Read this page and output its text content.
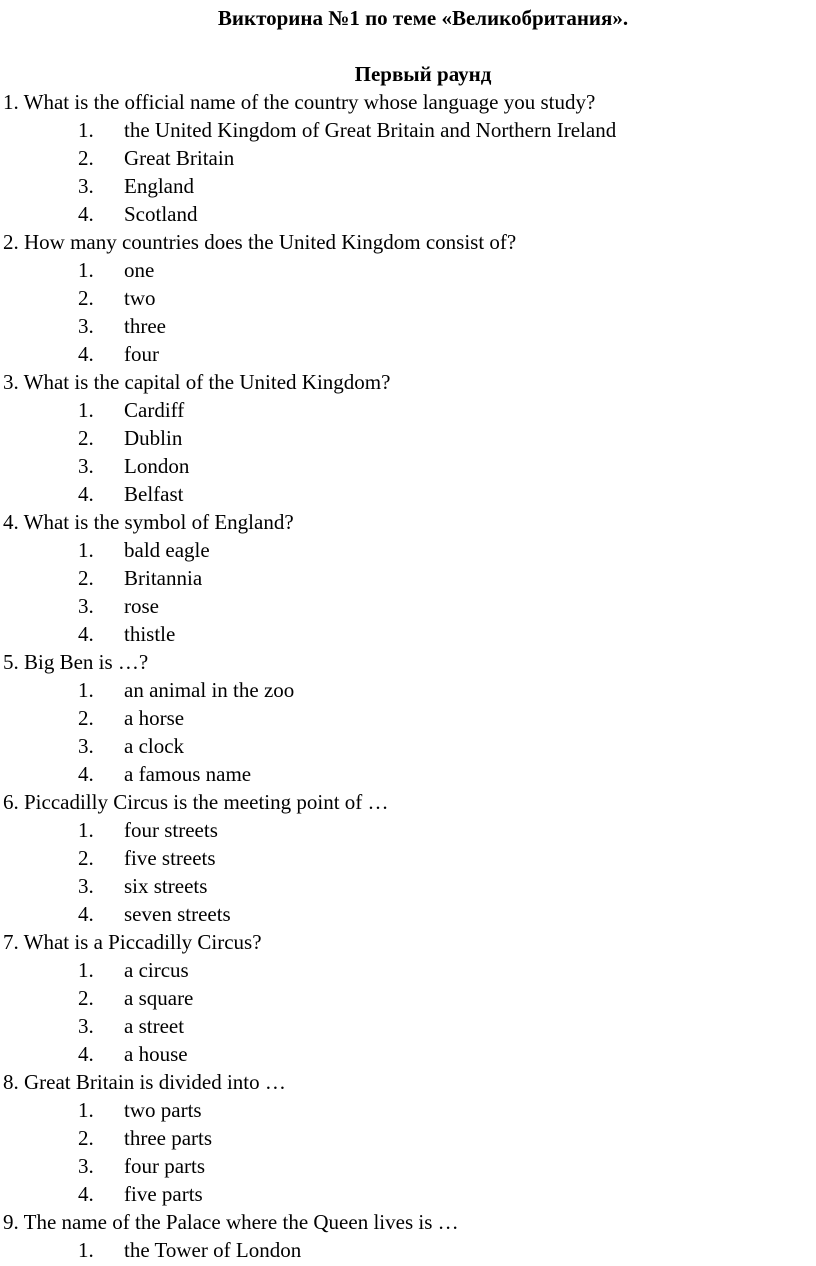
Викторина №1 по теме «Великобритания».
Первый раунд
1. What is the official name of the country whose language you study?
1.	the United Kingdom of Great Britain and Northern Ireland
2.	Great Britain
3.	England
4.	Scotland
2. How many countries does the United Kingdom consist of?
1.	one
2.	two
3.	three
4.	four
3. What is the capital of the United Kingdom?
1.	Cardiff
2.	Dublin
3.	London
4.	Belfast
4. What is the symbol of England?
1.	bald eagle
2.	Britannia
3.	rose
4.	thistle
5. Big Ben is …?
1.	an animal in the zoo
2.	a horse
3.	a clock
4.	a famous name
6. Piccadilly Circus is the meeting point of …
1.	four streets
2.	five streets
3.	six streets
4.	seven streets
7. What is a Piccadilly Circus?
1.	a circus
2.	a square
3.	a street
4.	a house
8. Great Britain is divided into …
1.	two parts
2.	three parts
3.	four parts
4.	five parts
9. The name of the Palace where the Queen lives is …
1.	the Tower of London
